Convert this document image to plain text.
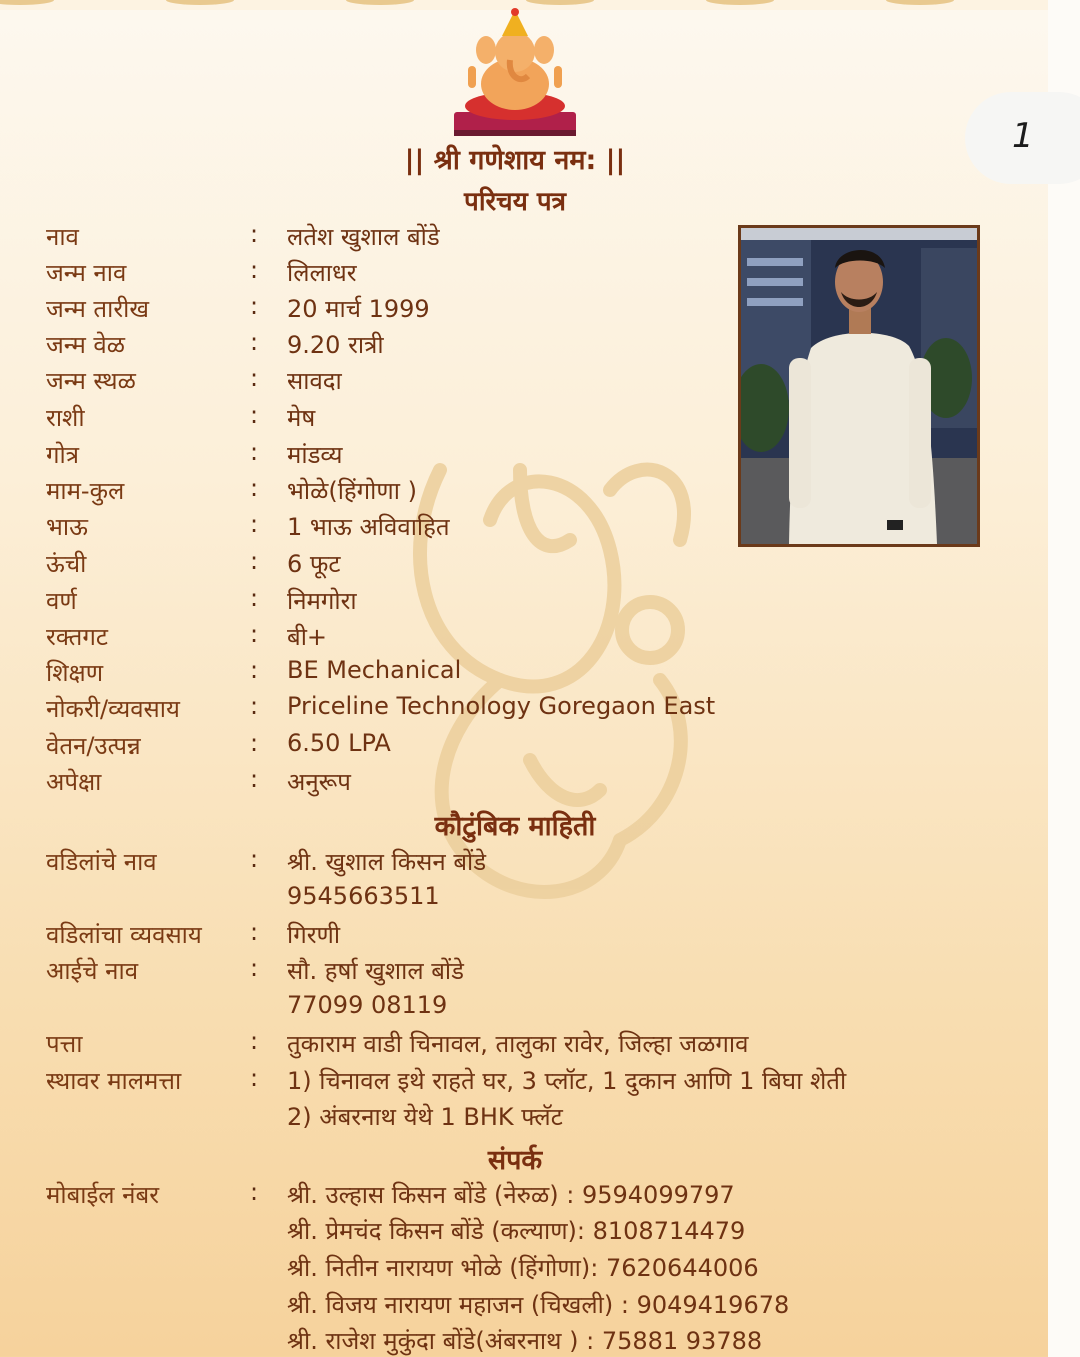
1
|| श्री गणेशाय नम: ||
परिचय पत्र
नाव	: लतेश खुशाल बोंडे
जन्म नाव	: लिलाधर
जन्म तारीख	: 20 मार्च 1999
जन्म वेळ	: 9.20 रात्री
जन्म स्थळ	: सावदा
राशी	: मेष
गोत्र	: मांडव्य
माम-कुल	: भोळे(हिंगोणा )
भाऊ	: 1 भाऊ अविवाहित
ऊंची	: 6 फूट
वर्ण	: निमगोरा
रक्तगट	: बी+
शिक्षण	: BE Mechanical
नोकरी/व्यवसाय	: Priceline Technology Goregaon East
वेतन/उत्पन्न	: 6.50 LPA
अपेक्षा	: अनुरूप
कौटुंबिक माहिती
वडिलांचे नाव	: श्री. खुशाल किसन बोंडे
9545663511
वडिलांचा व्यवसाय : गिरणी
आईचे नाव	: सौ. हर्षा खुशाल बोंडे
77099 08119
पत्ता	: तुकाराम वाडी चिनावल, तालुका रावेर, जिल्हा जळगाव
स्थावर मालमत्ता	: 1) चिनावल इथे राहते घर, 3 प्लॉट, 1 दुकान आणि 1 बिघा शेती
2) अंबरनाथ येथे 1 BHK फ्लॅट
संपर्क
मोबाईल नंबर	: श्री. उल्हास किसन बोंडे (नेरुळ) : 9594099797
श्री. प्रेमचंद किसन बोंडे (कल्याण): 8108714479
श्री. नितीन नारायण भोळे (हिंगोणा): 7620644006
श्री. विजय नारायण महाजन (चिखली) : 9049419678
श्री. राजेश मुकुंदा बोंडे(अंबरनाथ ) : 75881 93788
